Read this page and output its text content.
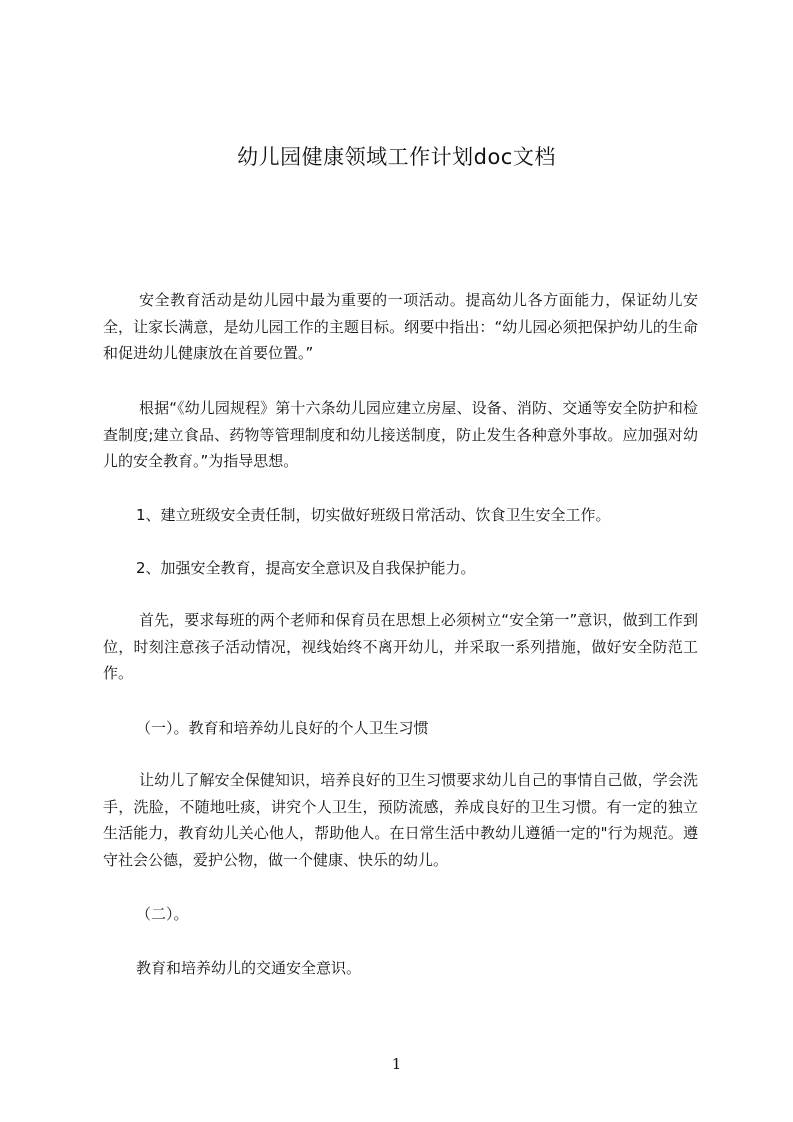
幼儿园健康领域工作计划doc文档

安全教育活动是幼儿园中最为重要的一项活动。提高幼儿各方面能力，保证幼儿安全，让家长满意，是幼儿园工作的主题目标。纲要中指出：“幼儿园必须把保护幼儿的生命和促进幼儿健康放在首要位置。”

根据“《幼儿园规程》第十六条幼儿园应建立房屋、设备、消防、交通等安全防护和检查制度;建立食品、药物等管理制度和幼儿接送制度，防止发生各种意外事故。应加强对幼儿的安全教育。”为指导思想。

1、建立班级安全责任制，切实做好班级日常活动、饮食卫生安全工作。

2、加强安全教育，提高安全意识及自我保护能力。

首先，要求每班的两个老师和保育员在思想上必须树立“安全第一”意识，做到工作到位，时刻注意孩子活动情况，视线始终不离开幼儿，并采取一系列措施，做好安全防范工作。

（一）。教育和培养幼儿良好的个人卫生习惯

让幼儿了解安全保健知识，培养良好的卫生习惯要求幼儿自己的事情自己做，学会洗手，洗脸，不随地吐痰，讲究个人卫生，预防流感，养成良好的卫生习惯。有一定的独立生活能力，教育幼儿关心他人，帮助他人。在日常生活中教幼儿遵循一定的"行为规范。遵守社会公德，爱护公物，做一个健康、快乐的幼儿。

（二）。

教育和培养幼儿的交通安全意识。

1
